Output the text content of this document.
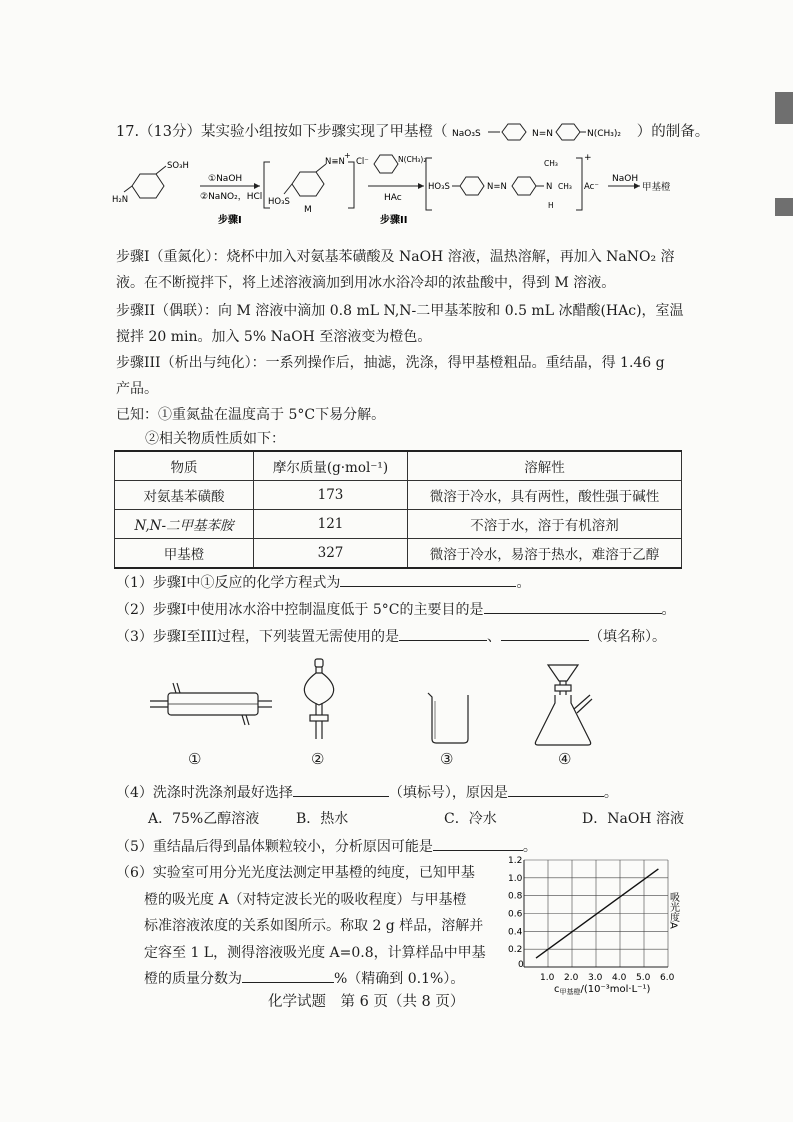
17.（13分）某实验小组按如下步骤实现了甲基橙（ NaO₃S	N=N	N(CH₃)₂ ）的制备。
SO₃H
H₂N
①NaOH
②NaNO₂，HCl
步骤I
N≡N
+
HO₃S
Cl⁻
M
N(CH₃)₂
HAc
步骤II
HO₃S	N=N
CH₃
N
H
CH₃
+
Ac⁻
NaOH
甲基橙
步骤I（重氮化）：烧杯中加入对氨基苯磺酸及 NaOH 溶液，温热溶解，再加入 NaNO₂ 溶
液。在不断搅拌下，将上述溶液滴加到用冰水浴冷却的浓盐酸中，得到 M 溶液。
步骤II（偶联）：向 M 溶液中滴加 0.8 mL N,N-二甲基苯胺和 0.5 mL 冰醋酸(HAc)，室温
搅拌 20 min。加入 5% NaOH 至溶液变为橙色。
步骤III（析出与纯化）：一系列操作后，抽滤，洗涤，得甲基橙粗品。重结晶，得 1.46 g
产品。
已知：①重氮盐在温度高于 5°C下易分解。
②相关物质性质如下：
物质	摩尔质量(g·mol⁻¹)	溶解性
对氨基苯磺酸	173	微溶于冷水，具有两性，酸性强于碱性
N,N-二甲基苯胺	121	不溶于水，溶于有机溶剂
甲基橙	327	微溶于冷水，易溶于热水，难溶于乙醇
（1）步骤I中①反应的化学方程式为	。
（2）步骤I中使用冰水浴中控制温度低于 5°C的主要目的是	。
（3）步骤I至III过程，下列装置无需使用的是	、	（填名称）。
①	②	③	④
（4）洗涤时洗涤剂最好选择	（填标号），原因是	。
A．75%乙醇溶液	B．热水	C．冷水	D．NaOH 溶液
（5）重结晶后得到晶体颗粒较小，分析原因可能是	。
（6）实验室可用分光光度法测定甲基橙的纯度，已知甲基
橙的吸光度 A（对特定波长光的吸收程度）与甲基橙
标准溶液浓度的关系如图所示。称取 2 g 样品，溶解并
定容至 1 L，测得溶液吸光度 A=0.8，计算样品中甲基
橙的质量分数为	%（精确到 0.1%）。	1.0 2.0 3.0 4.0 5.0 6.0
0.2
0.4
0.6
0.8
1.0
1.2
吸光度A
0
$c_{甲基橙}/(10^{-3}mol\cdot L^{-1})$
化学试题　第 6 页（共 8 页）
